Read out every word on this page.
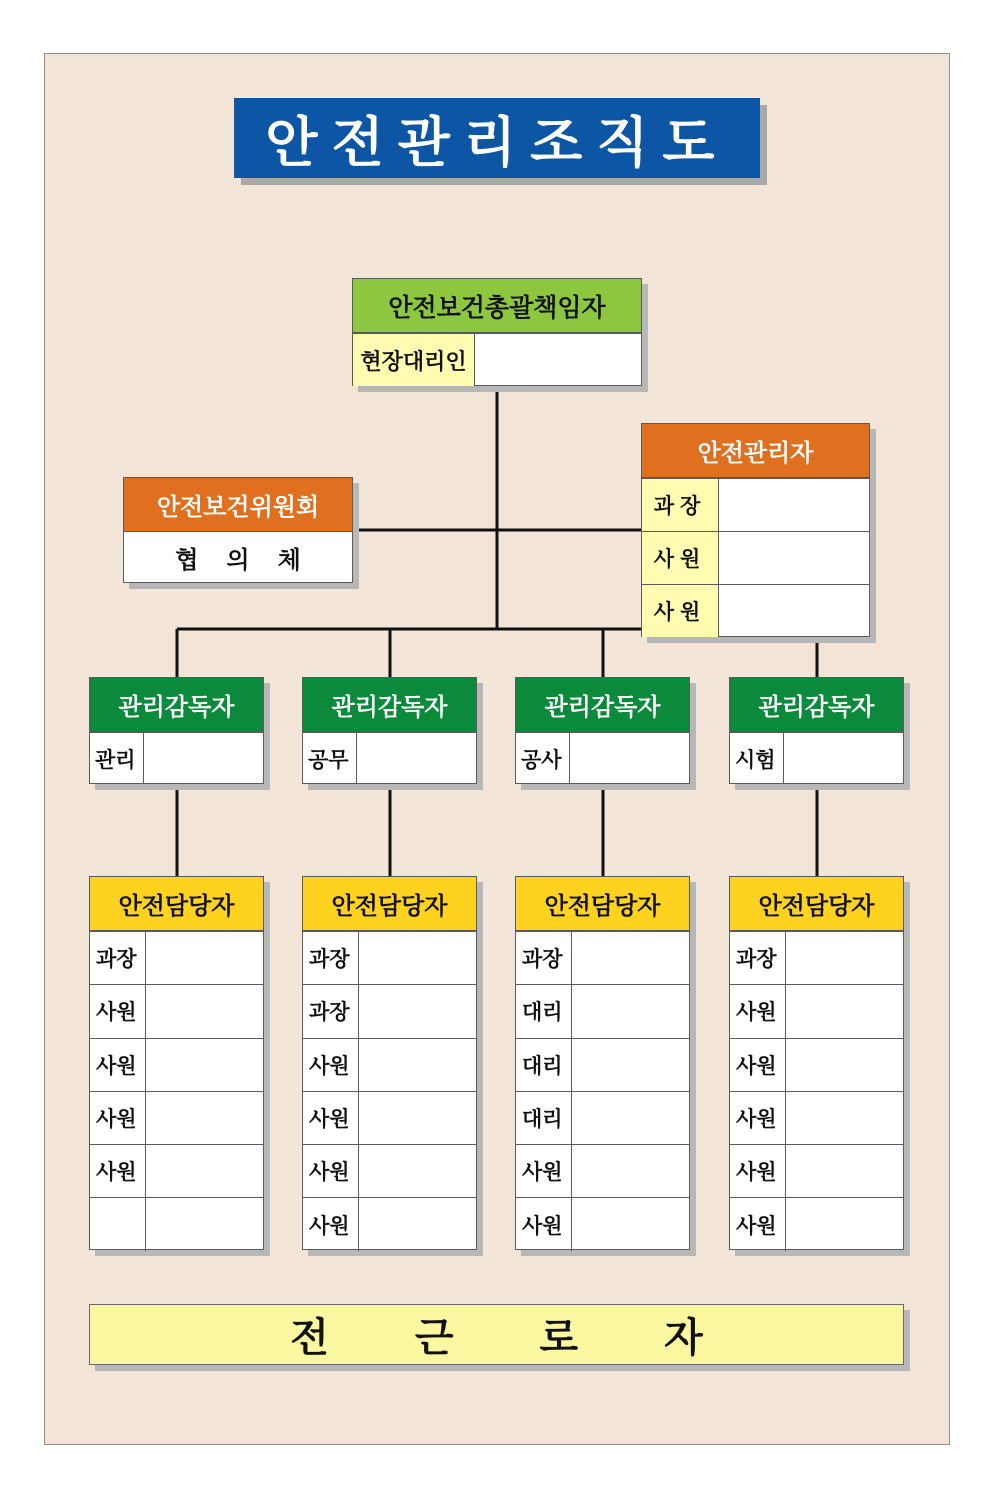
안전관리조직도
안전보건총괄책임자
현장대리인
안전보건위원회
협의체
안전관리자
과장
사원
사원
관리감독자
관리
관리감독자
공무
관리감독자
공사
관리감독자
시험
안전담당자
과장
사원
사원
사원
사원
안전담당자
과장
과장
사원
사원
사원
사원
안전담당자
과장
대리
대리
대리
사원
사원
안전담당자
과장
사원
사원
사원
사원
사원
전근로자
